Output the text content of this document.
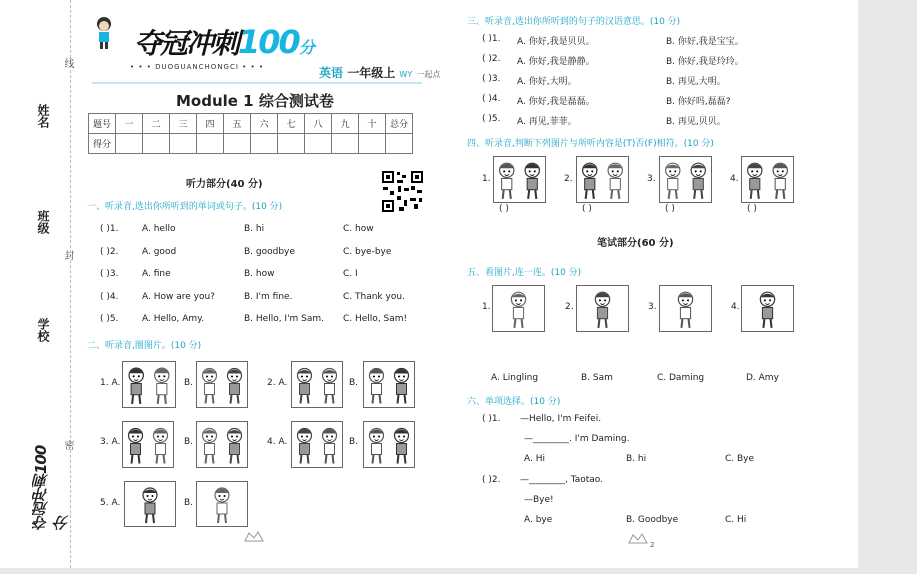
姓名
班级
学校
线
封
密
夺冠冲刺100分
夺冠冲刺100分
• • • DUOGUANCHONGCI • • •	英语 一年级上 WY 一起点
Module 1 综合测试卷
题号	一	二	三	四	五	六	七	八	九	十	总分
得分											
听力部分(40 分)
一、听录音,选出你所听到的单词或句子。(10 分)
( )1.	A. hello	B. hi	C. how
( )2.	A. good	B. goodbye	C. bye-bye
( )3.	A. fine	B. how	C. I
( )4.	A. How are you?	B. I'm fine.	C. Thank you.
( )5.	A. Hello, Amy.	B. Hello, I'm Sam. C. Hello, Sam!
二、听录音,圈图片。(10 分)
1. A.	B.	2. A.	B.
3. A.	B.	4. A.	B.
5. A.	B.
三、听录音,选出你所听到的句子的汉语意思。(10 分)
( )1. A. 你好,我是贝贝。	B. 你好,我是宝宝。
( )2. A. 你好,我是静静。	B. 你好,我是玲玲。
( )3. A. 你好,大明。	B. 再见,大明。
( )4. A. 你好,我是磊磊。	B. 你好吗,磊磊?
( )5. A. 再见,菲菲。	B. 再见,贝贝。
四、听录音,判断下列图片与所听内容是(T)否(F)相符。(10 分)
1.
( )
2.
( )
3.
( )
4.
( )
笔试部分(60 分)
五、看图片,连一连。(10 分)
1.	2.	3.	4.
A. Lingling	B. Sam	C. Daming	D. Amy
六、单项选择。(10 分)
( )1. —Hello, I'm Feifei.
—________. I'm Daming.
A. Hi	B. hi	C. Bye
( )2. —________, Taotao.
—Bye!
A. bye	B. Goodbye	C. Hi
2
